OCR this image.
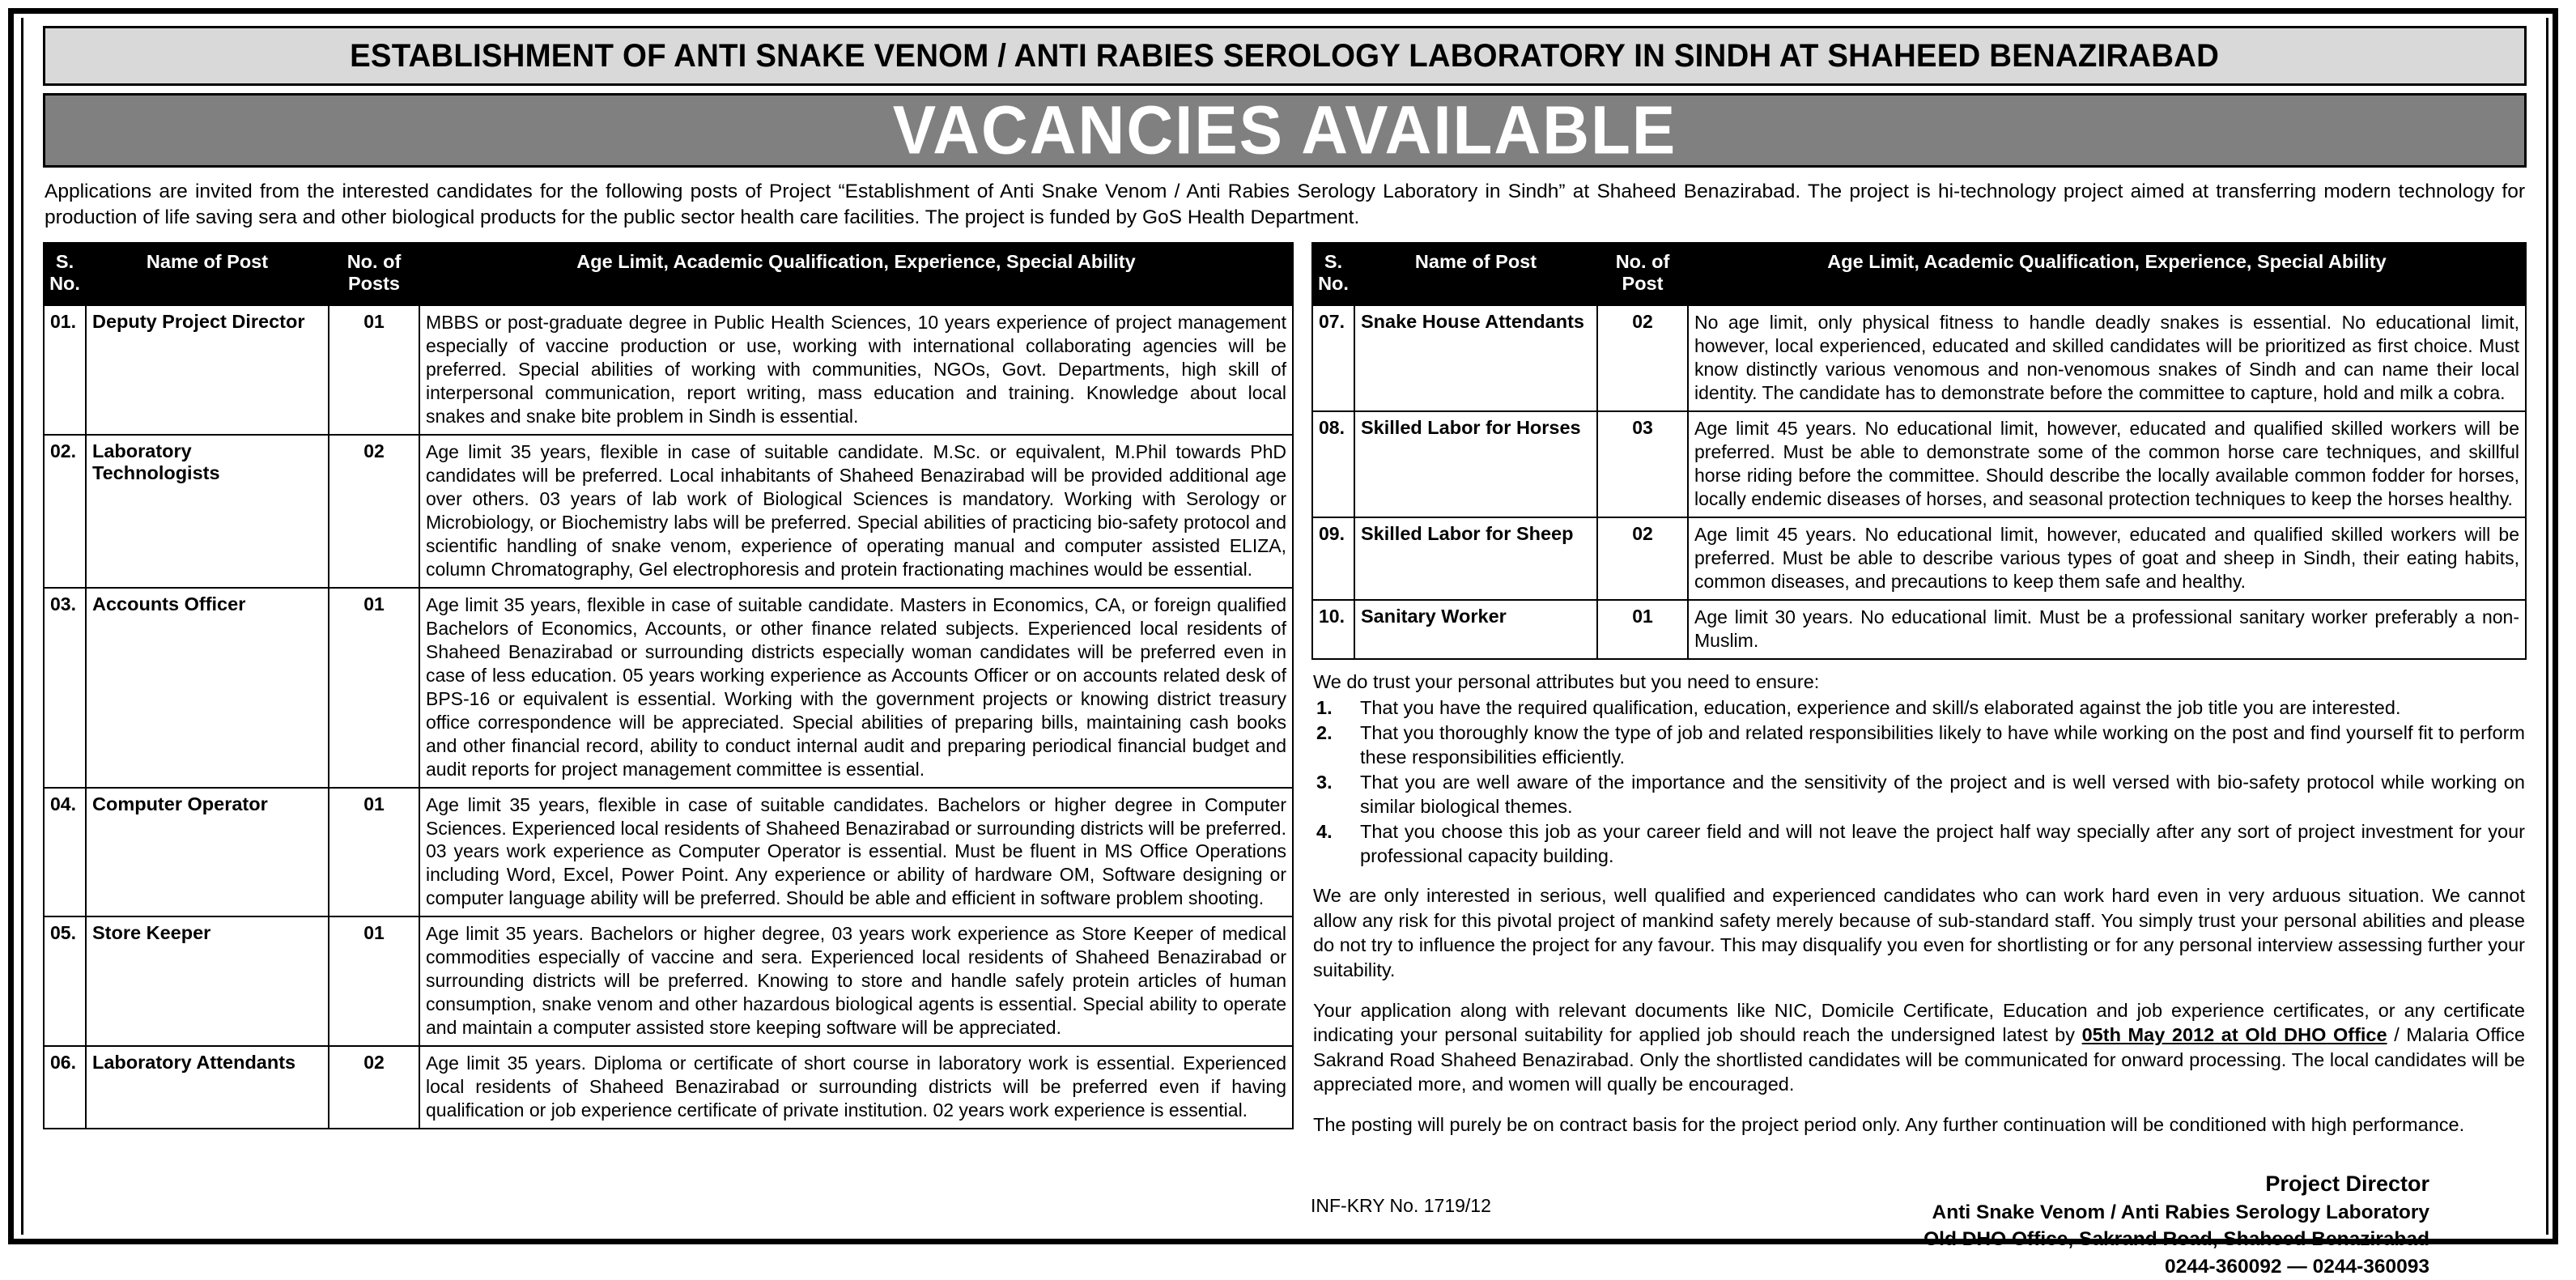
ESTABLISHMENT OF ANTI SNAKE VENOM / ANTI RABIES SEROLOGY LABORATORY IN SINDH AT SHAHEED BENAZIRABAD
VACANCIES AVAILABLE
Applications are invited from the interested candidates for the following posts of Project “Establishment of Anti Snake Venom / Anti Rabies Serology Laboratory in Sindh” at Shaheed Benazirabad. The project is hi-technology project aimed at transferring modern technology for production of life saving sera and other biological products for the public sector health care facilities. The project is funded by GoS Health Department.
S. No.	Name of Post	No. of Posts	Age Limit, Academic Qualification, Experience, Special Ability
01.	Deputy Project Director	01	MBBS or post-graduate degree in Public Health Sciences, 10 years experience of project management especially of vaccine production or use, working with international collaborating agencies will be preferred. Special abilities of working with communities, NGOs, Govt. Departments, high skill of interpersonal communication, report writing, mass education and training. Knowledge about local snakes and snake bite problem in Sindh is essential.
02.	Laboratory Technologists	02	Age limit 35 years, flexible in case of suitable candidate. M.Sc. or equivalent, M.Phil towards PhD candidates will be preferred. Local inhabitants of Shaheed Benazirabad will be provided additional age over others. 03 years of lab work of Biological Sciences is mandatory. Working with Serology or Microbiology, or Biochemistry labs will be preferred. Special abilities of practicing bio-safety protocol and scientific handling of snake venom, experience of operating manual and computer assisted ELIZA, column Chromatography, Gel electrophoresis and protein fractionating machines would be essential.
03.	Accounts Officer	01	Age limit 35 years, flexible in case of suitable candidate. Masters in Economics, CA, or foreign qualified Bachelors of Economics, Accounts, or other finance related subjects. Experienced local residents of Shaheed Benazirabad or surrounding districts especially woman candidates will be preferred even in case of less education. 05 years working experience as Accounts Officer or on accounts related desk of BPS-16 or equivalent is essential. Working with the government projects or knowing district treasury office correspondence will be appreciated. Special abilities of preparing bills, maintaining cash books and other financial record, ability to conduct internal audit and preparing periodical financial budget and audit reports for project management committee is essential.
04.	Computer Operator	01	Age limit 35 years, flexible in case of suitable candidates. Bachelors or higher degree in Computer Sciences. Experienced local residents of Shaheed Benazirabad or surrounding districts will be preferred. 03 years work experience as Computer Operator is essential. Must be fluent in MS Office Operations including Word, Excel, Power Point. Any experience or ability of hardware OM, Software designing or computer language ability will be preferred. Should be able and efficient in software problem shooting.
05.	Store Keeper	01	Age limit 35 years. Bachelors or higher degree, 03 years work experience as Store Keeper of medical commodities especially of vaccine and sera. Experienced local residents of Shaheed Benazirabad or surrounding districts will be preferred. Knowing to store and handle safely protein articles of human consumption, snake venom and other hazardous biological agents is essential. Special ability to operate and maintain a computer assisted store keeping software will be appreciated.
06.	Laboratory Attendants	02	Age limit 35 years. Diploma or certificate of short course in laboratory work is essential. Experienced local residents of Shaheed Benazirabad or surrounding districts will be preferred even if having qualification or job experience certificate of private institution. 02 years work experience is essential.
S. No.	Name of Post	No. of Post	Age Limit, Academic Qualification, Experience, Special Ability
07.	Snake House Attendants	02	No age limit, only physical fitness to handle deadly snakes is essential. No educational limit, however, local experienced, educated and skilled candidates will be prioritized as first choice. Must know distinctly various venomous and non-venomous snakes of Sindh and can name their local identity. The candidate has to demonstrate before the committee to capture, hold and milk a cobra.
08.	Skilled Labor for Horses	03	Age limit 45 years. No educational limit, however, educated and qualified skilled workers will be preferred. Must be able to demonstrate some of the common horse care techniques, and skillful horse riding before the committee. Should describe the locally available common fodder for horses, locally endemic diseases of horses, and seasonal protection techniques to keep the horses healthy.
09.	Skilled Labor for Sheep	02	Age limit 45 years. No educational limit, however, educated and qualified skilled workers will be preferred. Must be able to describe various types of goat and sheep in Sindh, their eating habits, common diseases, and precautions to keep them safe and healthy.
10.	Sanitary Worker	01	Age limit 30 years. No educational limit. Must be a professional sanitary worker preferably a non-Muslim.
We do trust your personal attributes but you need to ensure:
That you have the required qualification, education, experience and skill/s elaborated against the job title you are interested.
That you thoroughly know the type of job and related responsibilities likely to have while working on the post and find yourself fit to perform these responsibilities efficiently.
That you are well aware of the importance and the sensitivity of the project and is well versed with bio-safety protocol while working on similar biological themes.
That you choose this job as your career field and will not leave the project half way specially after any sort of project investment for your professional capacity building.
We are only interested in serious, well qualified and experienced candidates who can work hard even in very arduous situation. We cannot allow any risk for this pivotal project of mankind safety merely because of sub-standard staff. You simply trust your personal abilities and please do not try to influence the project for any favour. This may disqualify you even for shortlisting or for any personal interview assessing further your suitability.
Your application along with relevant documents like NIC, Domicile Certificate, Education and job experience certificates, or any certificate indicating your personal suitability for applied job should reach the undersigned latest by 05th May 2012 at Old DHO Office / Malaria Office Sakrand Road Shaheed Benazirabad. Only the shortlisted candidates will be communicated for onward processing. The local candidates will be appreciated more, and women will qually be encouraged.
The posting will purely be on contract basis for the project period only. Any further continuation will be conditioned with high performance.
Project Director
Anti Snake Venom / Anti Rabies Serology Laboratory
Old DHO Office, Sakrand Road, Shaheed Benazirabad
0244-360092 — 0244-360093
INF-KRY No. 1719/12
